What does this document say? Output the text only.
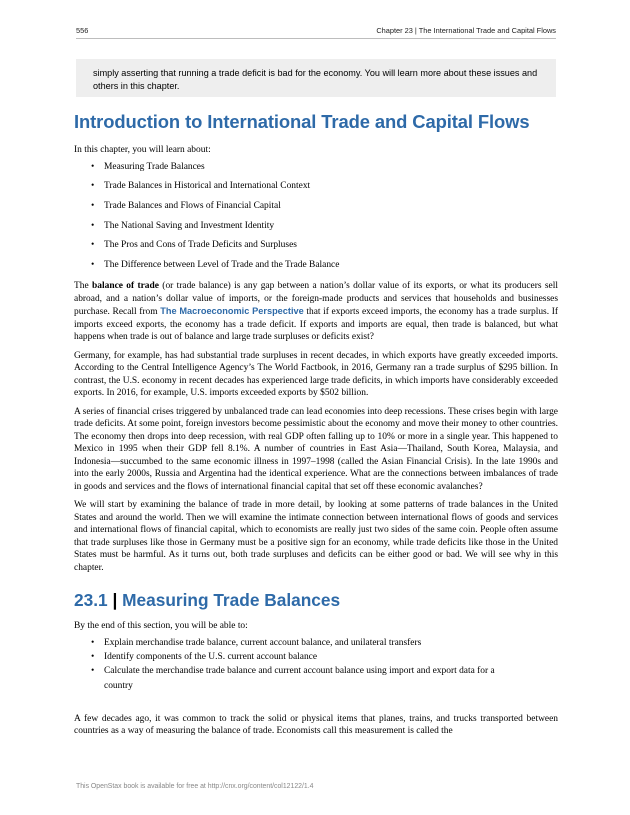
556	Chapter 23 | The International Trade and Capital Flows
simply asserting that running a trade deficit is bad for the economy. You will learn more about these issues and others in this chapter.
Introduction to International Trade and Capital Flows

In this chapter, you will learn about:

• Measuring Trade Balances
• Trade Balances in Historical and International Context
• Trade Balances and Flows of Financial Capital
• The National Saving and Investment Identity
• The Pros and Cons of Trade Deficits and Surpluses
• The Difference between Level of Trade and the Trade Balance

The balance of trade (or trade balance) is any gap between a nation’s dollar value of its exports, or what its producers sell abroad, and a nation’s dollar value of imports, or the foreign-made products and services that households and businesses purchase. Recall from The Macroeconomic Perspective that if exports exceed imports, the economy has a trade surplus. If imports exceed exports, the economy has a trade deficit. If exports and imports are equal, then trade is balanced, but what happens when trade is out of balance and large trade surpluses or deficits exist?

Germany, for example, has had substantial trade surpluses in recent decades, in which exports have greatly exceeded imports. According to the Central Intelligence Agency’s The World Factbook, in 2016, Germany ran a trade surplus of $295 billion. In contrast, the U.S. economy in recent decades has experienced large trade deficits, in which imports have considerably exceeded exports. In 2016, for example, U.S. imports exceeded exports by $502 billion.

A series of financial crises triggered by unbalanced trade can lead economies into deep recessions. These crises begin with large trade deficits. At some point, foreign investors become pessimistic about the economy and move their money to other countries. The economy then drops into deep recession, with real GDP often falling up to 10% or more in a single year. This happened to Mexico in 1995 when their GDP fell 8.1%. A number of countries in East Asia—Thailand, South Korea, Malaysia, and Indonesia—succumbed to the same economic illness in 1997–1998 (called the Asian Financial Crisis). In the late 1990s and into the early 2000s, Russia and Argentina had the identical experience. What are the connections between imbalances of trade in goods and services and the flows of international financial capital that set off these economic avalanches?

We will start by examining the balance of trade in more detail, by looking at some patterns of trade balances in the United States and around the world. Then we will examine the intimate connection between international flows of goods and services and international flows of financial capital, which to economists are really just two sides of the same coin. People often assume that trade surpluses like those in Germany must be a positive sign for an economy, while trade deficits like those in the United States must be harmful. As it turns out, both trade surpluses and deficits can be either good or bad. We will see why in this chapter.

23.1 | Measuring Trade Balances

By the end of this section, you will be able to:

• Explain merchandise trade balance, current account balance, and unilateral transfers
• Identify components of the U.S. current account balance
• Calculate the merchandise trade balance and current account balance using import and export data for a country

A few decades ago, it was common to track the solid or physical items that planes, trains, and trucks transported between countries as a way of measuring the balance of trade. Economists call this measurement is called the

This OpenStax book is available for free at http://cnx.org/content/col12122/1.4
